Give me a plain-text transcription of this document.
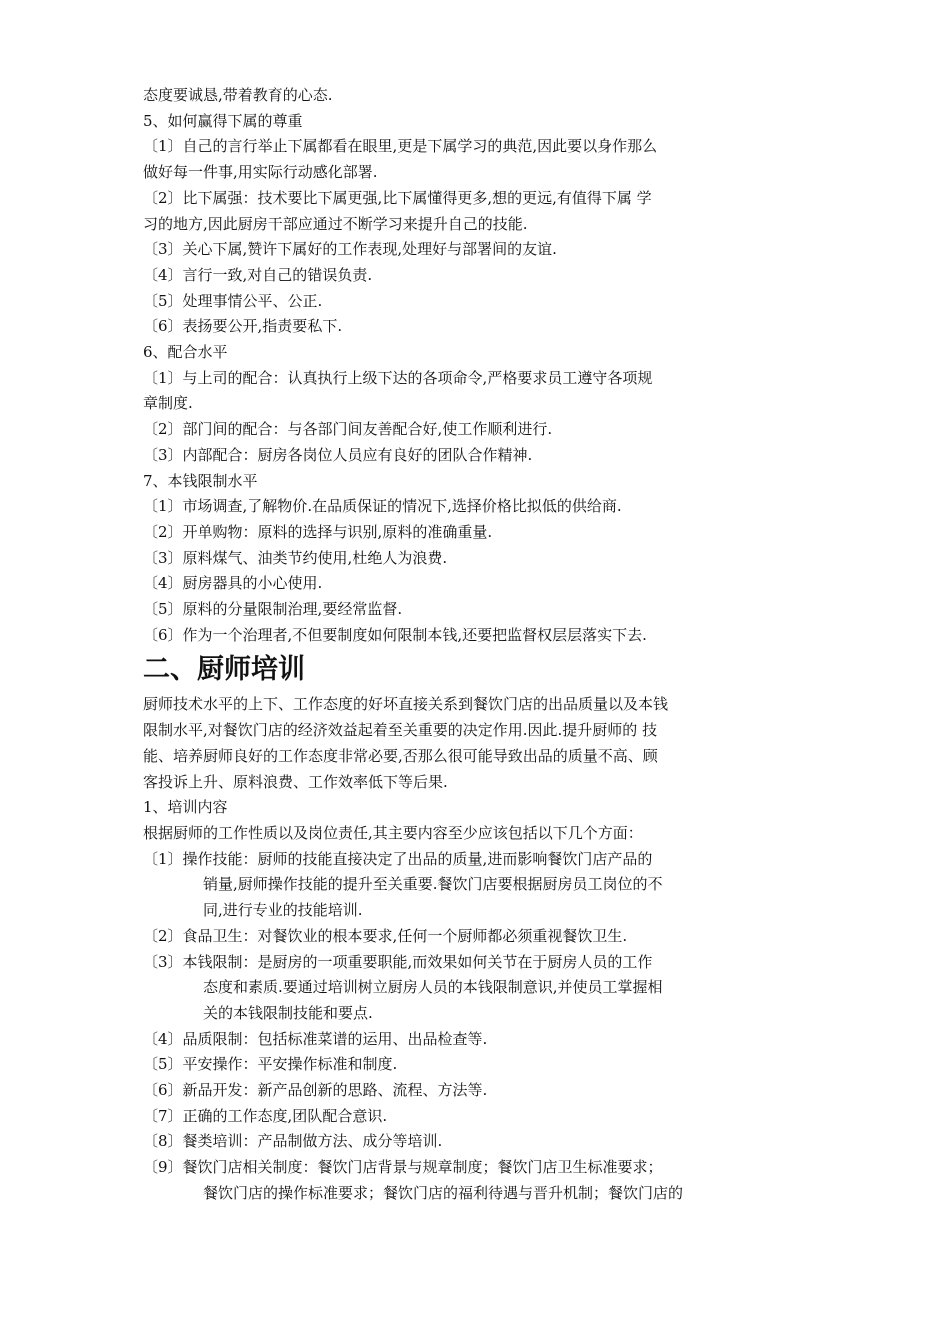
态度要诚恳,带着教育的心态.
5、如何赢得下属的尊重
〔1〕自己的言行举止下属都看在眼里,更是下属学习的典范,因此要以身作那么
做好每一件事,用实际行动感化部署.
〔2〕比下属强：技术要比下属更强,比下属懂得更多,想的更远,有值得下属 学
习的地方,因此厨房干部应通过不断学习来提升自己的技能.
〔3〕关心下属,赞许下属好的工作表现,处理好与部署间的友谊.
〔4〕言行一致,对自己的错误负责.
〔5〕处理事情公平、公正.
〔6〕表扬要公开,指责要私下.
6、配合水平
〔1〕与上司的配合：认真执行上级下达的各项命令,严格要求员工遵守各项规
章制度.
〔2〕部门间的配合：与各部门间友善配合好,使工作顺利进行.
〔3〕内部配合：厨房各岗位人员应有良好的团队合作精神.
7、本钱限制水平
〔1〕市场调查,了解物价.在品质保证的情况下,选择价格比拟低的供给商.
〔2〕开单购物：原料的选择与识别,原料的准确重量.
〔3〕原料煤气、油类节约使用,杜绝人为浪费.
〔4〕厨房器具的小心使用.
〔5〕原料的分量限制治理,要经常监督.
〔6〕作为一个治理者,不但要制度如何限制本钱,还要把监督权层层落实下去.
二、厨师培训
厨师技术水平的上下、工作态度的好坏直接关系到餐饮门店的出品质量以及本钱
限制水平,对餐饮门店的经济效益起着至关重要的决定作用.因此.提升厨师的 技
能、培养厨师良好的工作态度非常必要,否那么很可能导致出品的质量不高、顾
客投诉上升、原料浪费、工作效率低下等后果.
1、培训内容
根据厨师的工作性质以及岗位责任,其主要内容至少应该包括以下几个方面：
〔1〕操作技能：厨师的技能直接决定了出品的质量,进而影响餐饮门店产品的
销量,厨师操作技能的提升至关重要.餐饮门店要根据厨房员工岗位的不
同,进行专业的技能培训.
〔2〕食品卫生：对餐饮业的根本要求,任何一个厨师都必须重视餐饮卫生.
〔3〕本钱限制：是厨房的一项重要职能,而效果如何关节在于厨房人员的工作
态度和素质.要通过培训树立厨房人员的本钱限制意识,并使员工掌握相
关的本钱限制技能和要点.
〔4〕品质限制：包括标准菜谱的运用、出品检查等.
〔5〕平安操作：平安操作标准和制度.
〔6〕新品开发：新产品创新的思路、流程、方法等.
〔7〕正确的工作态度,团队配合意识.
〔8〕餐类培训：产品制做方法、成分等培训.
〔9〕餐饮门店相关制度：餐饮门店背景与规章制度；餐饮门店卫生标准要求；
餐饮门店的操作标准要求；餐饮门店的福利待遇与晋升机制；餐饮门店的
